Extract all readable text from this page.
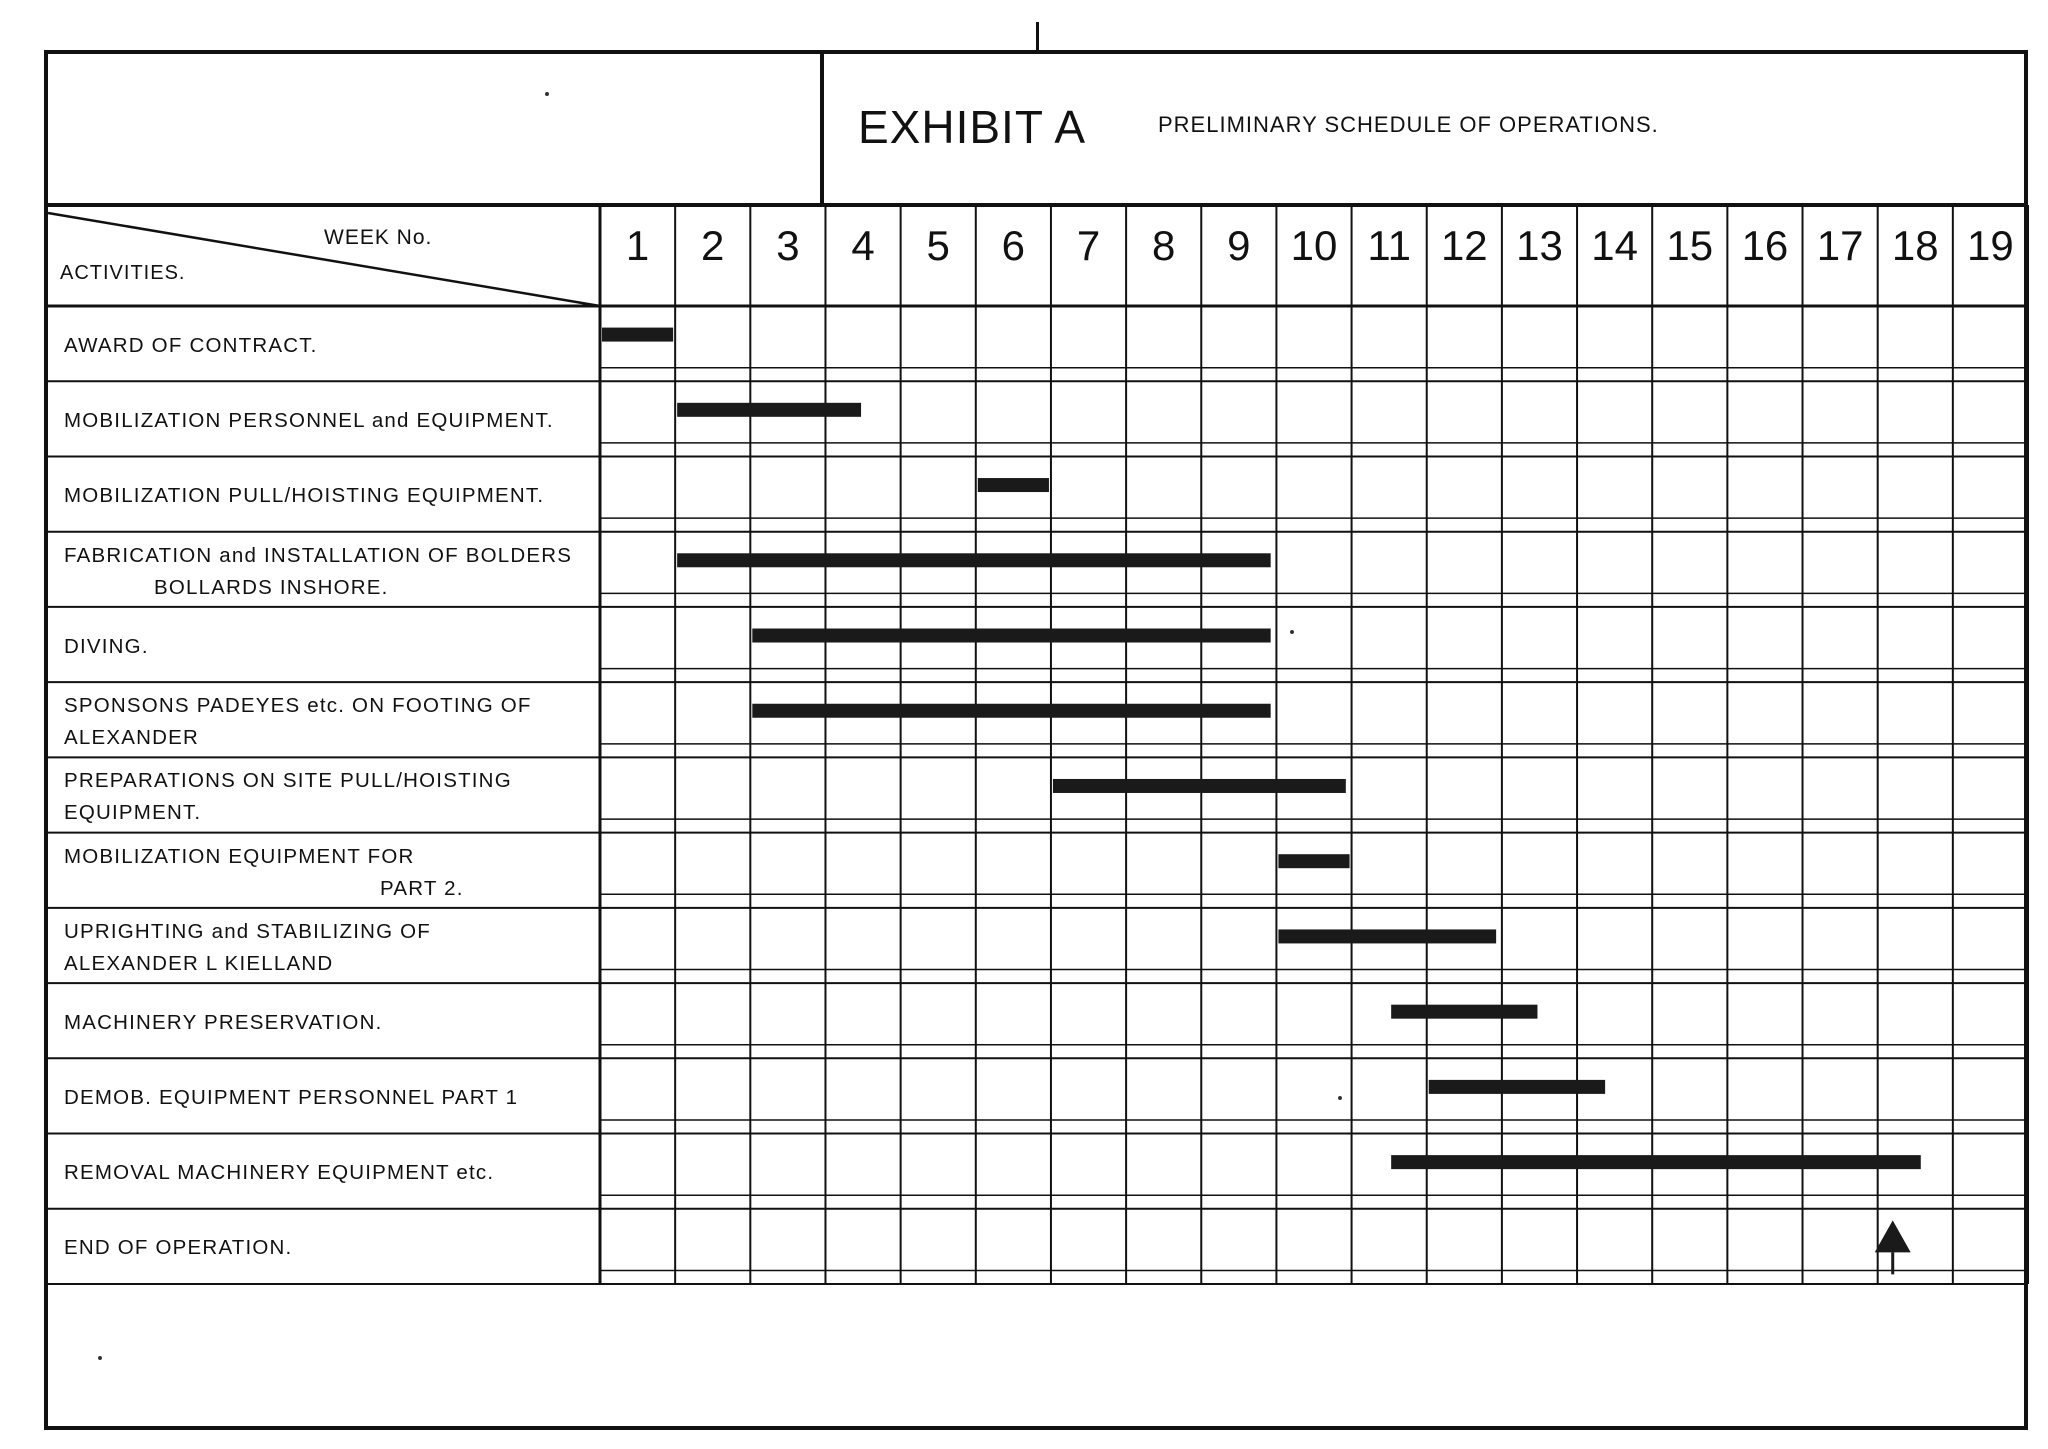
EXHIBIT A	PRELIMINARY SCHEDULE OF OPERATIONS.
WEEK No.
ACTIVITIES.
1	2	3	4	5	6	7	8	9 10 11 12 13 14 15 16 17 18 19
AWARD OF CONTRACT.
MOBILIZATION PERSONNEL and EQUIPMENT.
MOBILIZATION PULL/HOISTING EQUIPMENT.
FABRICATION and INSTALLATION OF BOLDERS
BOLLARDS INSHORE.
DIVING.
SPONSONS PADEYES etc. ON FOOTING OF
ALEXANDER
PREPARATIONS ON SITE PULL/HOISTING
EQUIPMENT.
MOBILIZATION EQUIPMENT FOR
PART 2.
UPRIGHTING and STABILIZING OF
ALEXANDER L KIELLAND
MACHINERY PRESERVATION.
DEMOB. EQUIPMENT PERSONNEL PART 1
REMOVAL MACHINERY EQUIPMENT etc.
END OF OPERATION.
